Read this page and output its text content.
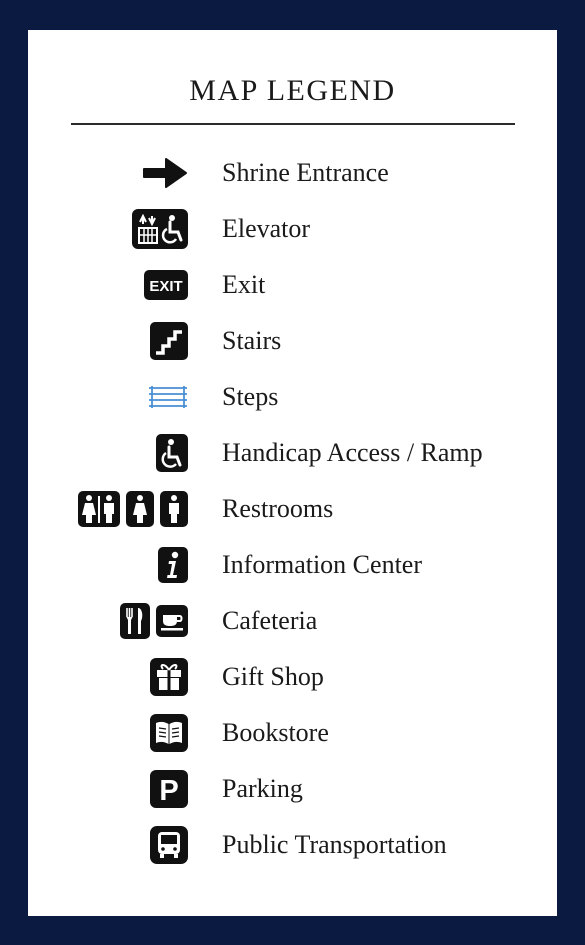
MAP LEGEND
Shrine Entrance
Elevator
EXIT Exit
Stairs
Steps
Handicap Access / Ramp
Restrooms
Information Center
Cafeteria
Gift Shop
Bookstore
P Parking
Public Transportation
